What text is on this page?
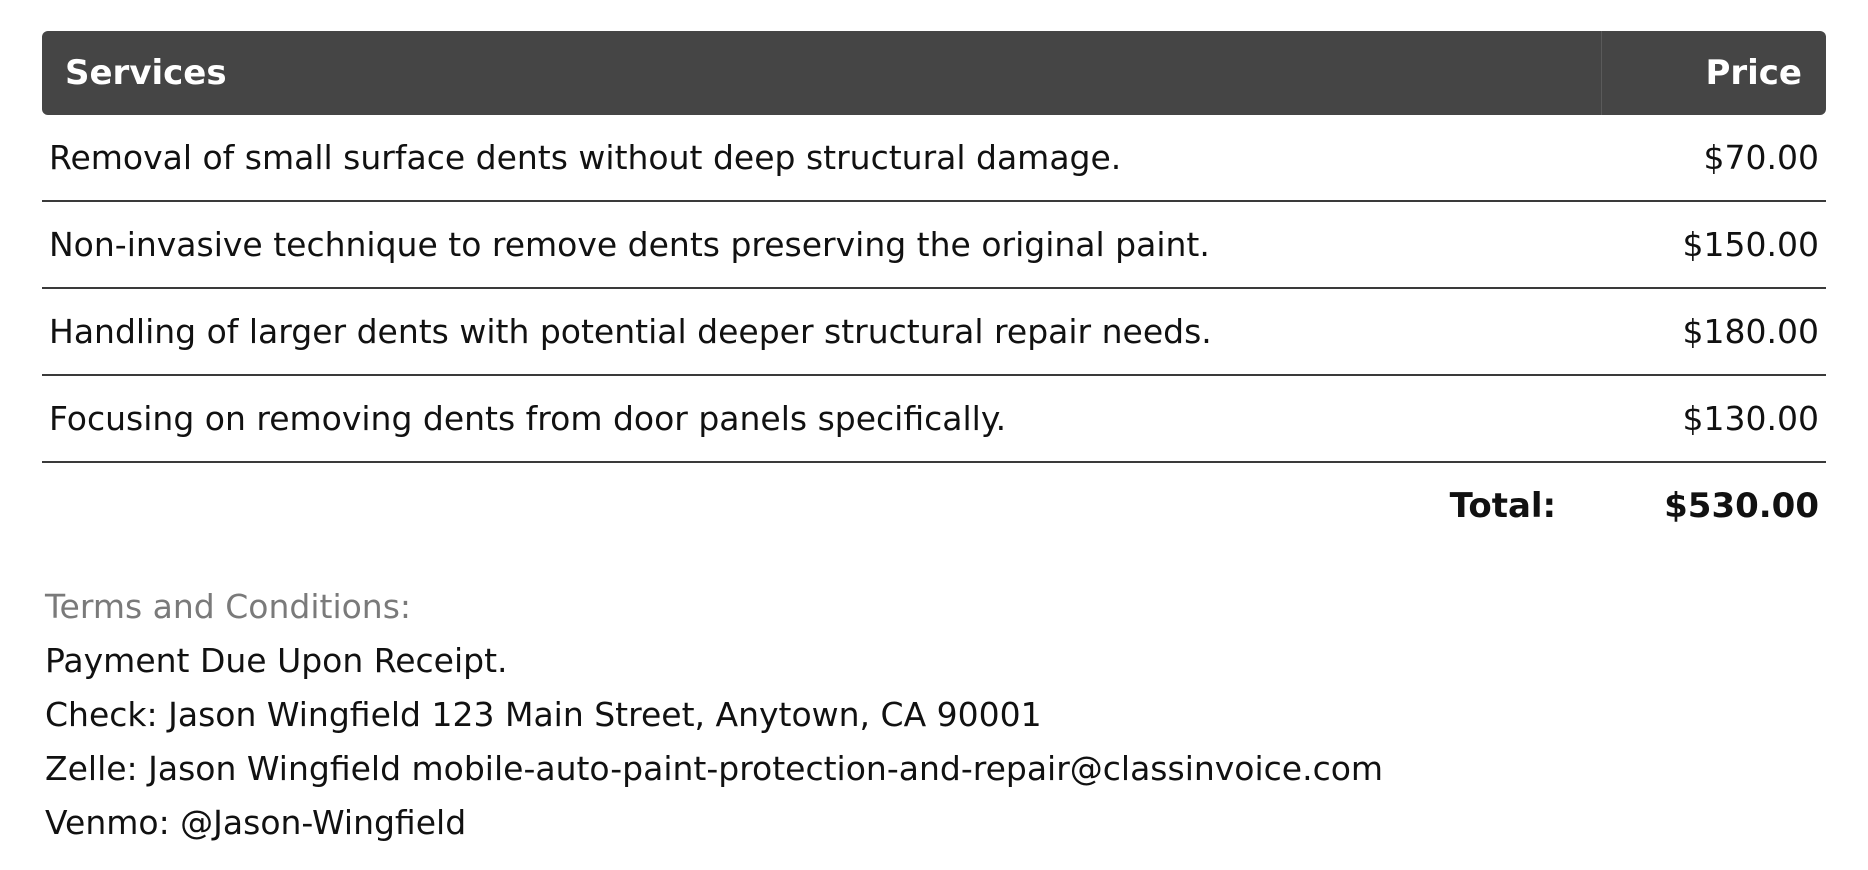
Services	Price
Removal of small surface dents without deep structural damage.	$70.00
Non-invasive technique to remove dents preserving the original paint.	$150.00
Handling of larger dents with potential deeper structural repair needs.	$180.00
Focusing on removing dents from door panels specifically.	$130.00
Total:	$530.00
Terms and Conditions:
Payment Due Upon Receipt.
Check: Jason Wingfield 123 Main Street, Anytown, CA 90001
Zelle: Jason Wingfield mobile-auto-paint-protection-and-repair@classinvoice.com
Venmo: @Jason-Wingfield
